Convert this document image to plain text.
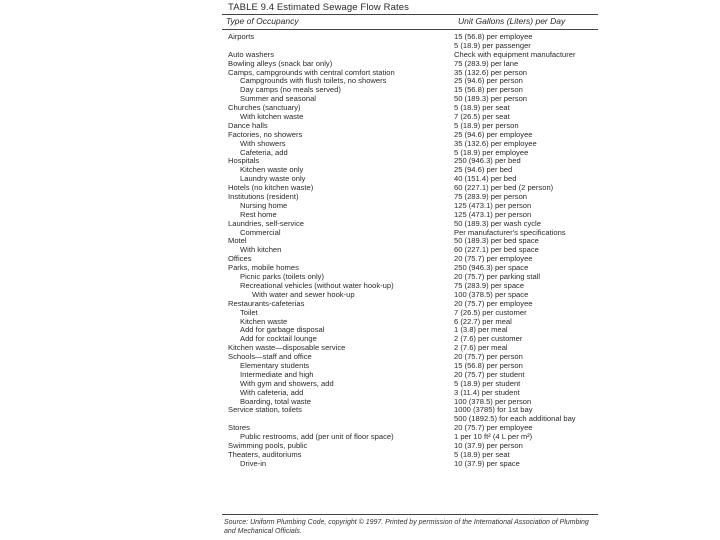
TABLE 9.4 Estimated Sewage Flow Rates
Type of Occupancy	Unit Gallons (Liters) per Day
Airports	15 (56.8) per employee
5 (18.9) per passenger
Auto washers	Check with equipment manufacturer
Bowling alleys (snack bar only)	75 (283.9) per lane
Camps, campgrounds with central comfort station	35 (132.6) per person
Campgrounds with flush toilets, no showers	25 (94.6) per person
Day camps (no meals served)	15 (56.8) per person
Summer and seasonal	50 (189.3) per person
Churches (sanctuary)	5 (18.9) per seat
With kitchen waste	7 (26.5) per seat
Dance halls	5 (18.9) per person
Factories, no showers	25 (94.6) per employee
With showers	35 (132.6) per employee
Cafeteria, add	5 (18.9) per employee
Hospitals	250 (946.3) per bed
Kitchen waste only	25 (94.6) per bed
Laundry waste only	40 (151.4) per bed
Hotels (no kitchen waste)	60 (227.1) per bed (2 person)
Institutions (resident)	75 (283.9) per person
Nursing home	125 (473.1) per person
Rest home	125 (473.1) per person
Laundries, self-service	50 (189.3) per wash cycle
Commercial	Per manufacturer's specifications
Motel	50 (189.3) per bed space
With kitchen	60 (227.1) per bed space
Offices	20 (75.7) per employee
Parks, mobile homes	250 (946.3) per space
Picnic parks (toilets only)	20 (75.7) per parking stall
Recreational vehicles (without water hook-up)	75 (283.9) per space
With water and sewer hook-up	100 (378.5) per space
Restaurants-cafeterias	20 (75.7) per employee
Toilet	7 (26.5) per customer
Kitchen waste	6 (22.7) per meal
Add for garbage disposal	1 (3.8) per meal
Add for cocktail lounge	2 (7.6) per customer
Kitchen waste—disposable service	2 (7.6) per meal
Schools—staff and office	20 (75.7) per person
Elementary students	15 (56.8) per person
Intermediate and high	20 (75.7) per student
With gym and showers, add	5 (18.9) per student
With cafeteria, add	3 (11.4) per student
Boarding, total waste	100 (378.5) per person
Service station, toilets	1000 (3785) for 1st bay
500 (1892.5) for each additional bay
Stores	20 (75.7) per employee
Public restrooms, add (per unit of floor space)	1 per 10 ft² (4 L per m²)
Swimming pools, public	10 (37.9) per person
Theaters, auditoriums	5 (18.9) per seat
Drive-in	10 (37.9) per space
Source: Uniform Plumbing Code, copyright © 1997. Printed by permission of the International Association of Plumbing and Mechanical Officials.
